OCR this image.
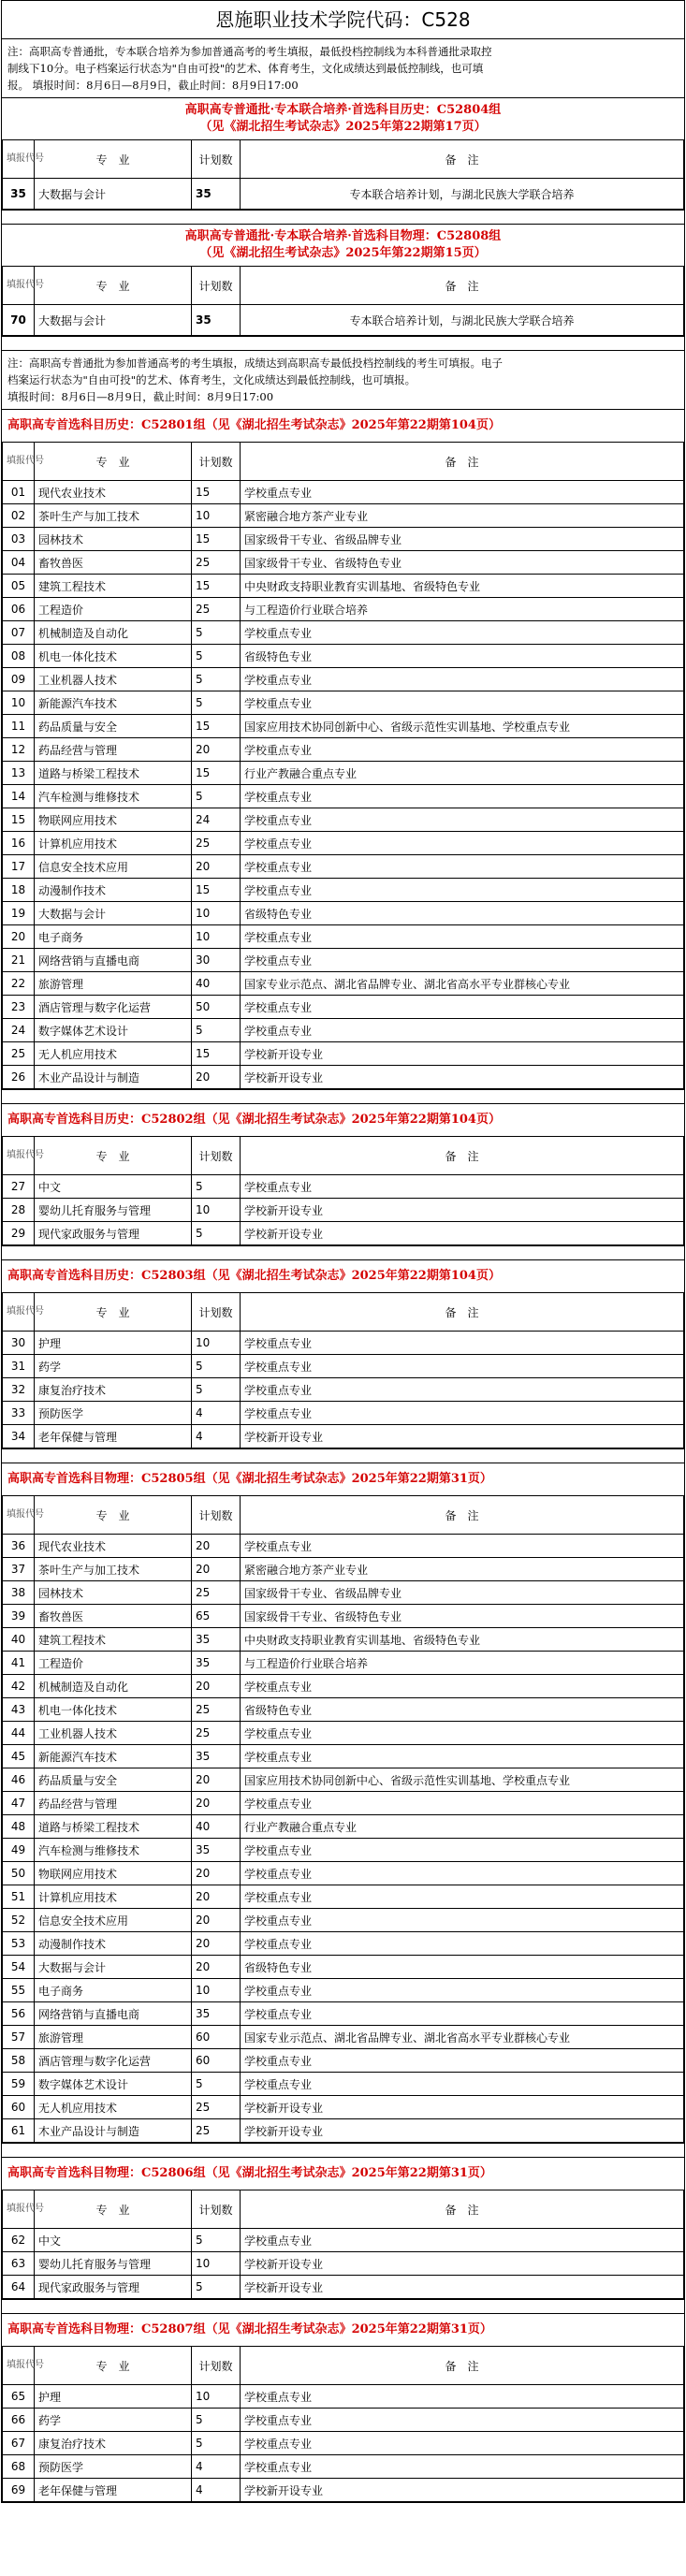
恩施职业技术学院代码：C528

注：高职高专普通批，专本联合培养为参加普通高考的考生填报，最低投档控制线为本科普通批录取控

制线下10分。电子档案运行状态为"自由可投"的艺术、体育考生，文化成绩达到最低控制线，也可填

报。 填报时间：8月6日—8月9日，截止时间：8月9日17:00

高职高专普通批·专本联合培养·首选科目历史：C52804组
（见《湖北招生考试杂志》2025年第22期第17页）
填报代号	专　业	计划数	备　注
35	大数据与会计	35	专本联合培养计划，与湖北民族大学联合培养
高职高专普通批·专本联合培养·首选科目物理：C52808组
（见《湖北招生考试杂志》2025年第22期第15页）
填报代号	专　业	计划数	备　注
70	大数据与会计	35	专本联合培养计划，与湖北民族大学联合培养

注：高职高专普通批为参加普通高考的考生填报，成绩达到高职高专最低投档控制线的考生可填报。电子

档案运行状态为"自由可投"的艺术、体育考生，文化成绩达到最低控制线，也可填报。

填报时间：8月6日—8月9日，截止时间：8月9日17:00

高职高专首选科目历史：C52801组（见《湖北招生考试杂志》2025年第22期第104页）
填报代号	专　业	计划数	备　注
01	现代农业技术	15	学校重点专业
02	茶叶生产与加工技术	10	紧密融合地方茶产业专业
03	园林技术	15	国家级骨干专业、省级品牌专业
04	畜牧兽医	25	国家级骨干专业、省级特色专业
05	建筑工程技术	15	中央财政支持职业教育实训基地、省级特色专业
06	工程造价	25	与工程造价行业联合培养
07	机械制造及自动化	5	学校重点专业
08	机电一体化技术	5	省级特色专业
09	工业机器人技术	5	学校重点专业
10	新能源汽车技术	5	学校重点专业
11	药品质量与安全	15	国家应用技术协同创新中心、省级示范性实训基地、学校重点专业
12	药品经营与管理	20	学校重点专业
13	道路与桥梁工程技术	15	行业产教融合重点专业
14	汽车检测与维修技术	5	学校重点专业
15	物联网应用技术	24	学校重点专业
16	计算机应用技术	25	学校重点专业
17	信息安全技术应用	20	学校重点专业
18	动漫制作技术	15	学校重点专业
19	大数据与会计	10	省级特色专业
20	电子商务	10	学校重点专业
21	网络营销与直播电商	30	学校重点专业
22	旅游管理	40	国家专业示范点、湖北省品牌专业、湖北省高水平专业群核心专业
23	酒店管理与数字化运营	50	学校重点专业
24	数字媒体艺术设计	5	学校重点专业
25	无人机应用技术	15	学校新开设专业
26	木业产品设计与制造	20	学校新开设专业
高职高专首选科目历史：C52802组（见《湖北招生考试杂志》2025年第22期第104页）
填报代号	专　业	计划数	备　注
27	中文	5	学校重点专业
28	婴幼儿托育服务与管理	10	学校新开设专业
29	现代家政服务与管理	5	学校新开设专业
高职高专首选科目历史：C52803组（见《湖北招生考试杂志》2025年第22期第104页）
填报代号	专　业	计划数	备　注
30	护理	10	学校重点专业
31	药学	5	学校重点专业
32	康复治疗技术	5	学校重点专业
33	预防医学	4	学校重点专业
34	老年保健与管理	4	学校新开设专业
高职高专首选科目物理：C52805组（见《湖北招生考试杂志》2025年第22期第31页）
填报代号	专　业	计划数	备　注
36	现代农业技术	20	学校重点专业
37	茶叶生产与加工技术	20	紧密融合地方茶产业专业
38	园林技术	25	国家级骨干专业、省级品牌专业
39	畜牧兽医	65	国家级骨干专业、省级特色专业
40	建筑工程技术	35	中央财政支持职业教育实训基地、省级特色专业
41	工程造价	35	与工程造价行业联合培养
42	机械制造及自动化	20	学校重点专业
43	机电一体化技术	25	省级特色专业
44	工业机器人技术	25	学校重点专业
45	新能源汽车技术	35	学校重点专业
46	药品质量与安全	20	国家应用技术协同创新中心、省级示范性实训基地、学校重点专业
47	药品经营与管理	20	学校重点专业
48	道路与桥梁工程技术	40	行业产教融合重点专业
49	汽车检测与维修技术	35	学校重点专业
50	物联网应用技术	20	学校重点专业
51	计算机应用技术	20	学校重点专业
52	信息安全技术应用	20	学校重点专业
53	动漫制作技术	20	学校重点专业
54	大数据与会计	20	省级特色专业
55	电子商务	10	学校重点专业
56	网络营销与直播电商	35	学校重点专业
57	旅游管理	60	国家专业示范点、湖北省品牌专业、湖北省高水平专业群核心专业
58	酒店管理与数字化运营	60	学校重点专业
59	数字媒体艺术设计	5	学校重点专业
60	无人机应用技术	25	学校新开设专业
61	木业产品设计与制造	25	学校新开设专业
高职高专首选科目物理：C52806组（见《湖北招生考试杂志》2025年第22期第31页）
填报代号	专　业	计划数	备　注
62	中文	5	学校重点专业
63	婴幼儿托育服务与管理	10	学校新开设专业
64	现代家政服务与管理	5	学校新开设专业
高职高专首选科目物理：C52807组（见《湖北招生考试杂志》2025年第22期第31页）
填报代号	专　业	计划数	备　注
65	护理	10	学校重点专业
66	药学	5	学校重点专业
67	康复治疗技术	5	学校重点专业
68	预防医学	4	学校重点专业
69	老年保健与管理	4	学校新开设专业
